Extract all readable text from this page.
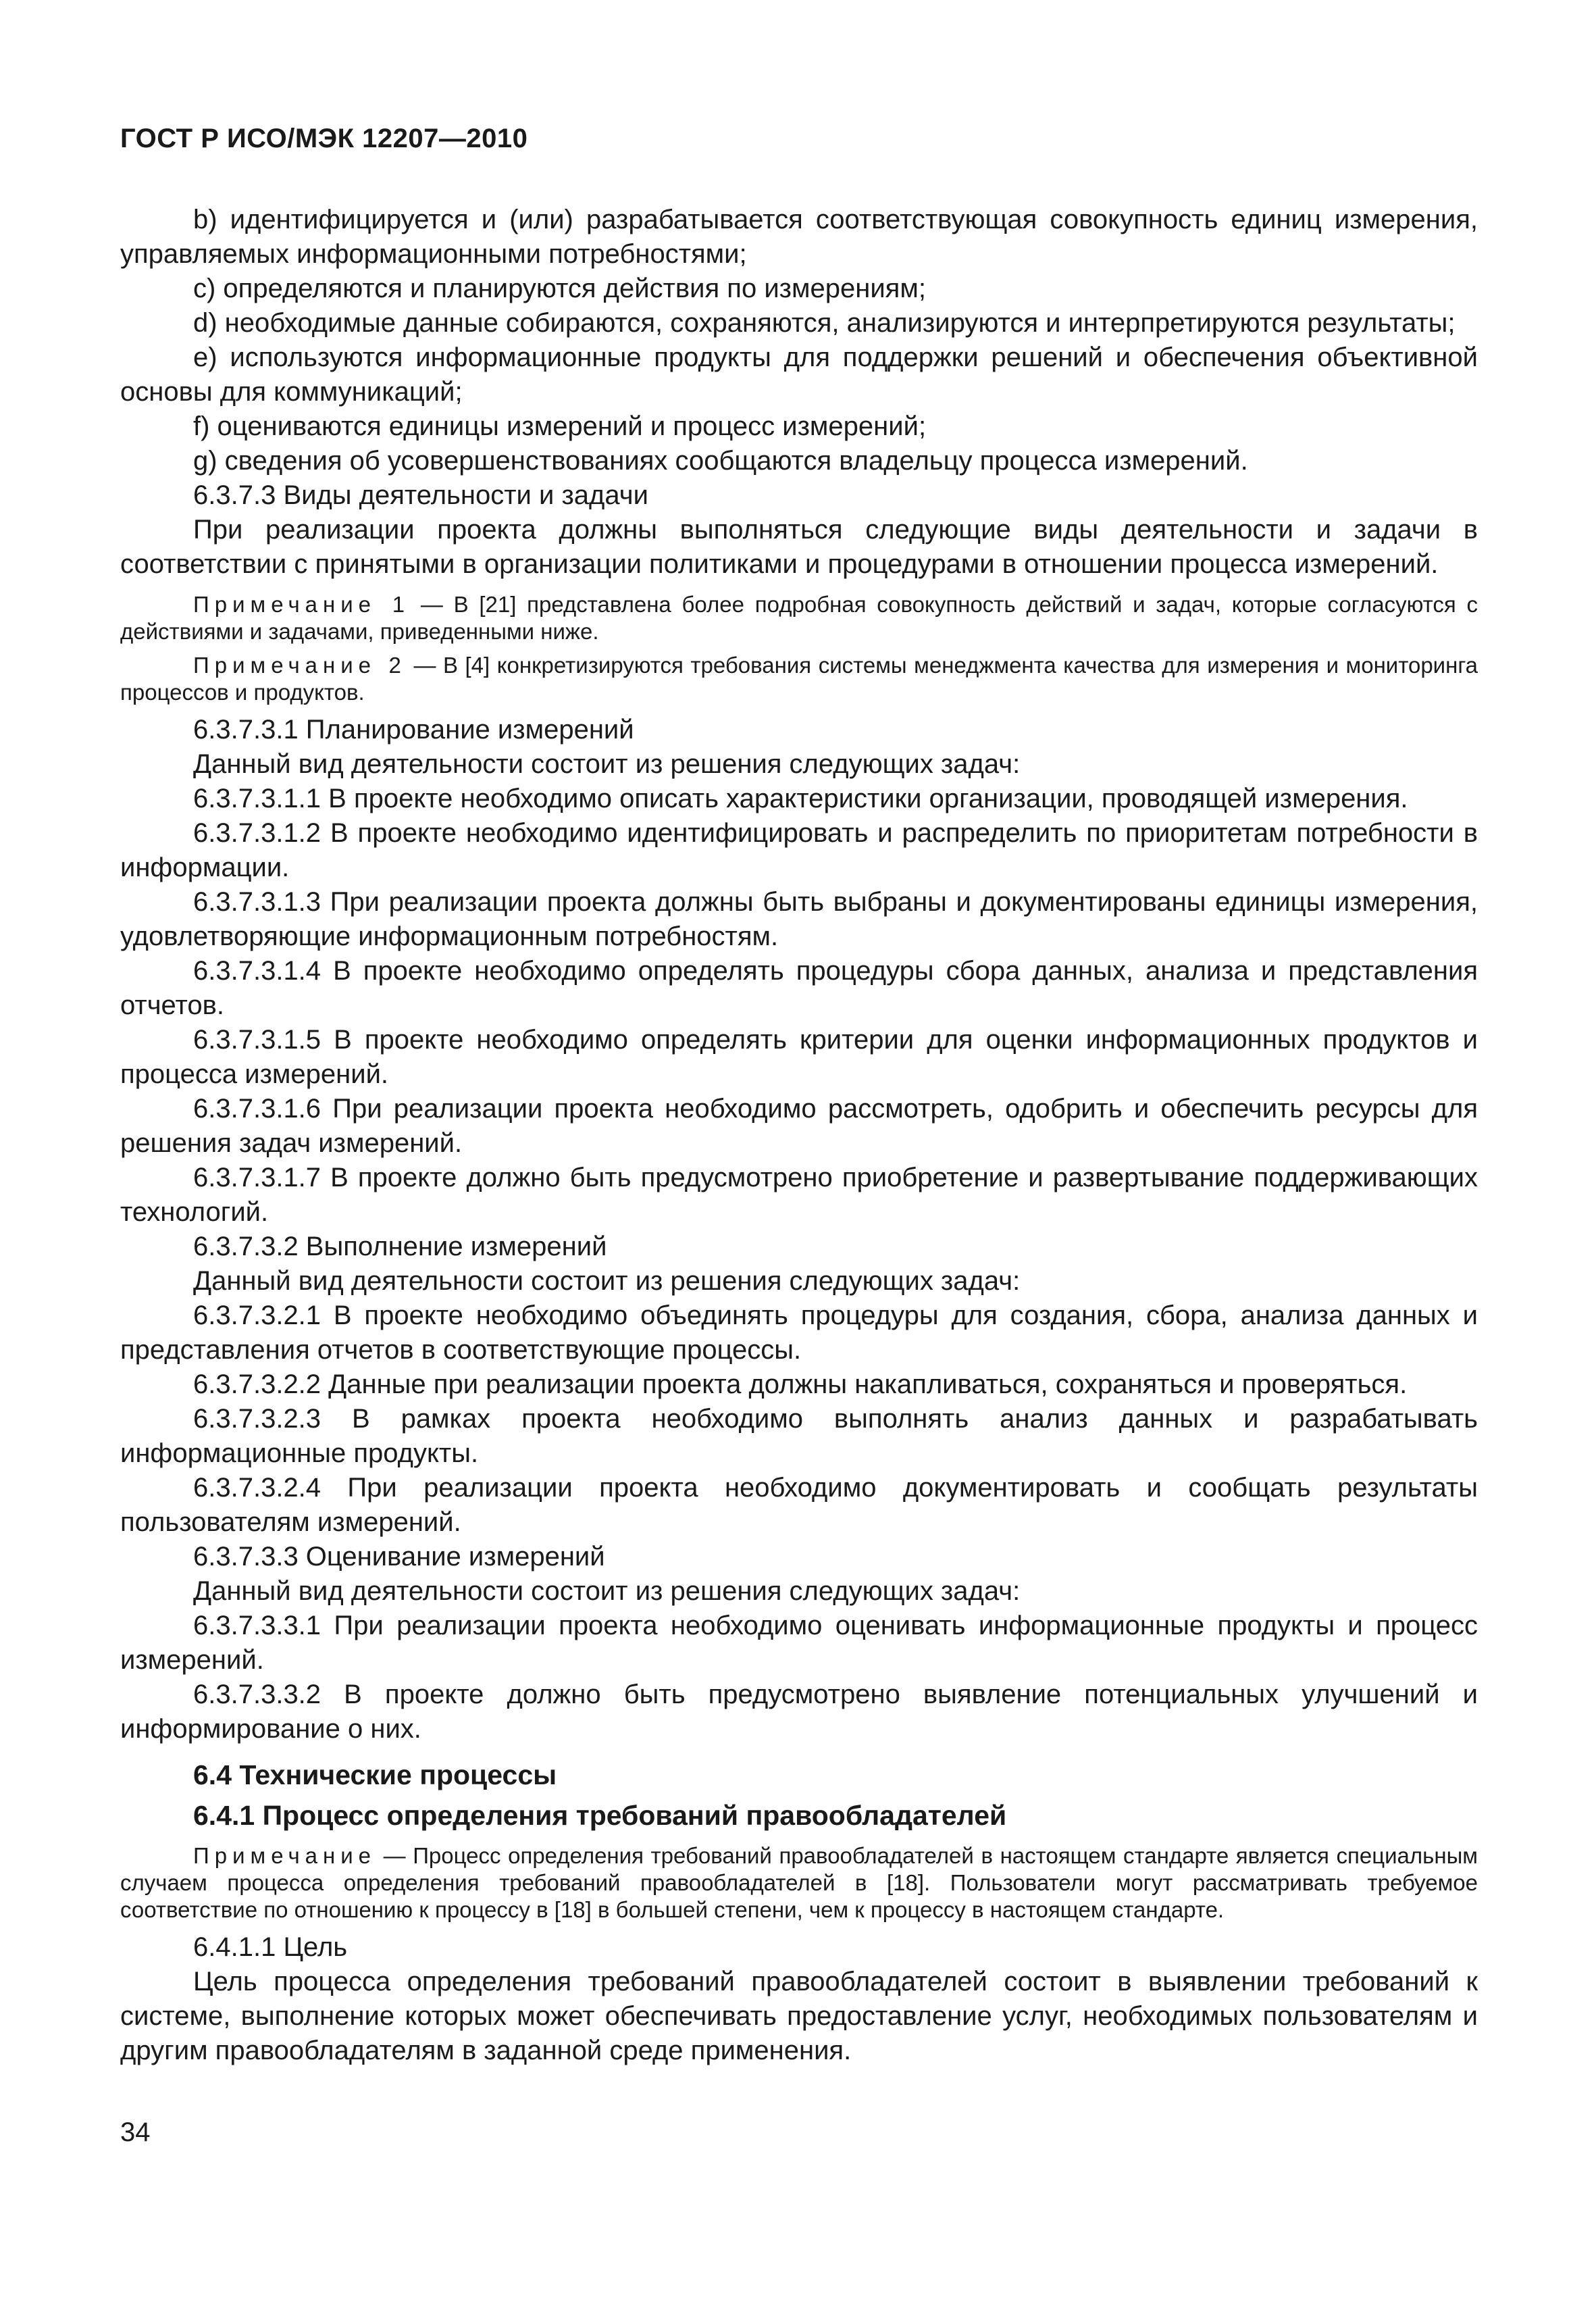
ГОСТ Р ИСО/МЭК 12207—2010

b) идентифицируется и (или) разрабатывается соответствующая совокупность единиц измерения, управляемых информационными потребностями;

c) определяются и планируются действия по измерениям;

d) необходимые данные собираются, сохраняются, анализируются и интерпретируются результаты;

e) используются информационные продукты для поддержки решений и обеспечения объективной основы для коммуникаций;

f) оцениваются единицы измерений и процесс измерений;

g) сведения об усовершенствованиях сообщаются владельцу процесса измерений.

6.3.7.3 Виды деятельности и задачи

При реализации проекта должны выполняться следующие виды деятельности и задачи в соответствии с принятыми в организации политиками и процедурами в отношении процесса измерений.

Примечание 1 — В [21] представлена более подробная совокупность действий и задач, которые согласуются с действиями и задачами, приведенными ниже.

Примечание 2 — В [4] конкретизируются требования системы менеджмента качества для измерения и мониторинга процессов и продуктов.

6.3.7.3.1 Планирование измерений

Данный вид деятельности состоит из решения следующих задач:

6.3.7.3.1.1 В проекте необходимо описать характеристики организации, проводящей измерения.

6.3.7.3.1.2 В проекте необходимо идентифицировать и распределить по приоритетам потребности в информации.

6.3.7.3.1.3 При реализации проекта должны быть выбраны и документированы единицы измерения, удовлетворяющие информационным потребностям.

6.3.7.3.1.4 В проекте необходимо определять процедуры сбора данных, анализа и представления отчетов.

6.3.7.3.1.5 В проекте необходимо определять критерии для оценки информационных продуктов и процесса измерений.

6.3.7.3.1.6 При реализации проекта необходимо рассмотреть, одобрить и обеспечить ресурсы для решения задач измерений.

6.3.7.3.1.7 В проекте должно быть предусмотрено приобретение и развертывание поддерживающих технологий.

6.3.7.3.2 Выполнение измерений

Данный вид деятельности состоит из решения следующих задач:

6.3.7.3.2.1 В проекте необходимо объединять процедуры для создания, сбора, анализа данных и представления отчетов в соответствующие процессы.

6.3.7.3.2.2 Данные при реализации проекта должны накапливаться, сохраняться и проверяться.

6.3.7.3.2.3 В рамках проекта необходимо выполнять анализ данных и разрабатывать информационные продукты.

6.3.7.3.2.4 При реализации проекта необходимо документировать и сообщать результаты пользователям измерений.

6.3.7.3.3 Оценивание измерений

Данный вид деятельности состоит из решения следующих задач:

6.3.7.3.3.1 При реализации проекта необходимо оценивать информационные продукты и процесс измерений.

6.3.7.3.3.2 В проекте должно быть предусмотрено выявление потенциальных улучшений и информирование о них.

6.4 Технические процессы
6.4.1 Процесс определения требований правообладателей

Примечание — Процесс определения требований правообладателей в настоящем стандарте является специальным случаем процесса определения требований правообладателей в [18]. Пользователи могут рассматривать требуемое соответствие по отношению к процессу в [18] в большей степени, чем к процессу в настоящем стандарте.

6.4.1.1 Цель

Цель процесса определения требований правообладателей состоит в выявлении требований к системе, выполнение которых может обеспечивать предоставление услуг, необходимых пользователям и другим правообладателям в заданной среде применения.

34
